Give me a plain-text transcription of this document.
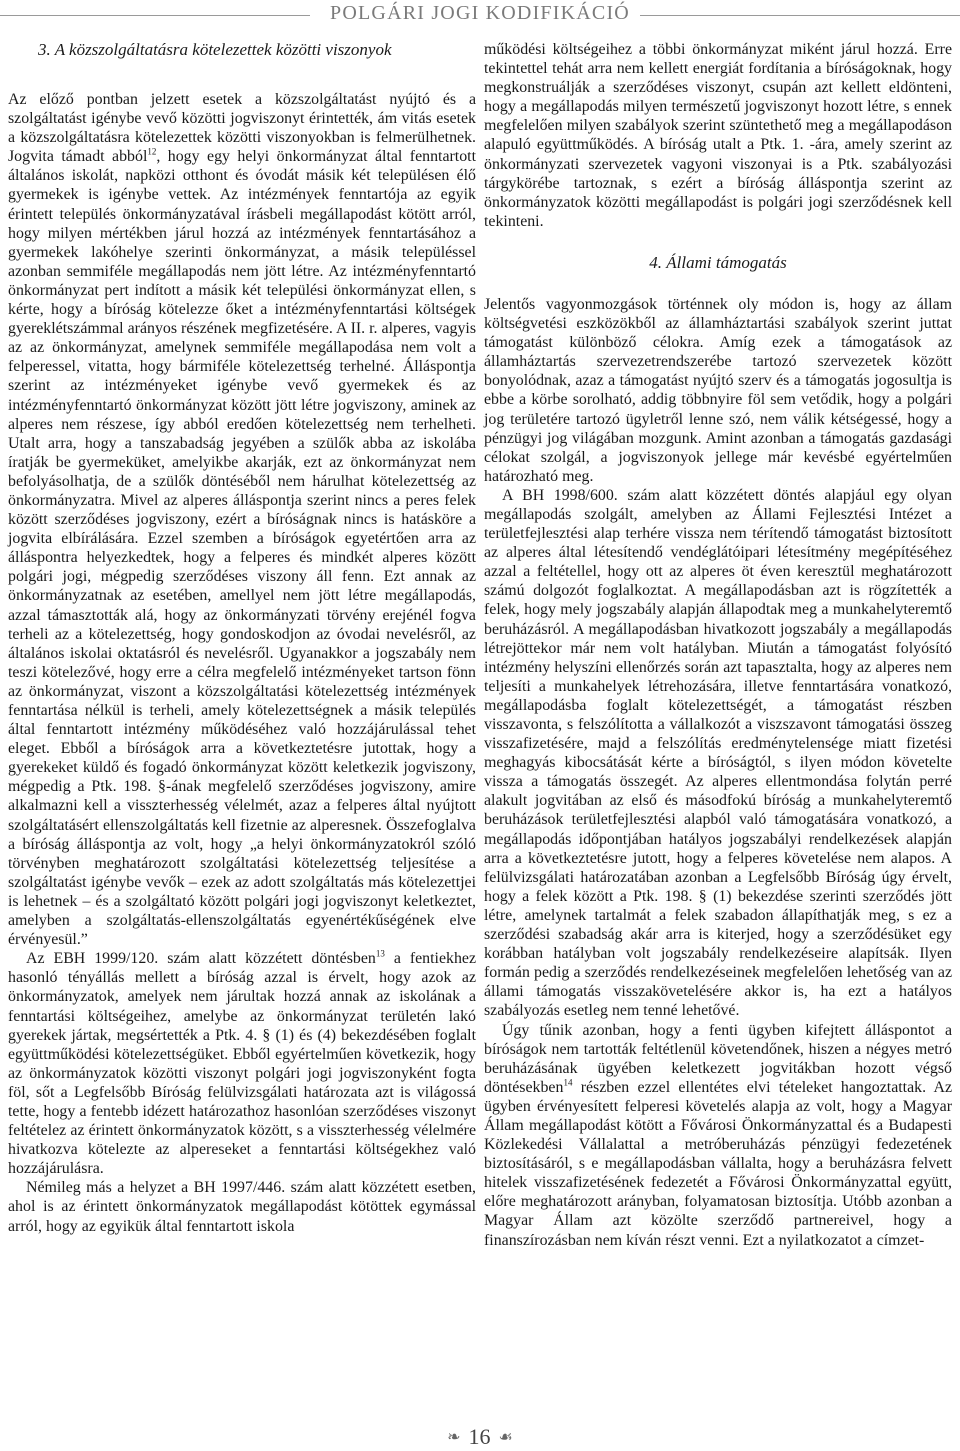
POLGÁRI JOGI KODIFIKÁCIÓ
3. A közszolgáltatásra kötelezettek közötti viszonyok

Az előző pontban jelzett esetek a közszolgáltatást nyújtó és a szolgáltatást igénybe vevő közötti jogviszonyt érintették, ám vitás esetek a közszolgáltatásra kötelezettek közötti viszonyokban is felmerülhetnek. Jogvita támadt abból$^{12}$, hogy egy helyi önkormányzat által fenntartott általános iskolát, napközi otthont és óvodát másik két településen élő gyermekek is igénybe vettek. Az intézmények fenntartója az egyik érintett település önkormányzatával írásbeli megállapodást kötött arról, hogy milyen mértékben járul hozzá az intézmények fenntartásához a gyermekek lakóhelye szerinti önkormányzat, a másik településsel azonban semmiféle megállapodás nem jött létre. Az intézményfenntartó önkormányzat pert indított a másik két települési önkormányzat ellen, s kérte, hogy a bíróság kötelezze őket a intézményfenntartási költségek gyereklétszámmal arányos részének megfizetésére. A II. r. alperes, vagyis az az önkormányzat, amelynek semmiféle megállapodása nem volt a felperessel, vitatta, hogy bármiféle kötelezettség terhelné. Álláspontja szerint az intézményeket igénybe vevő gyermekek és az intézményfenntartó önkormányzat között jött létre jogviszony, aminek az alperes nem részese, így abból eredően kötelezettség nem terhelheti. Utalt arra, hogy a tanszabadság jegyében a szülők abba az iskolába íratják be gyermeküket, amelyikbe akarják, ezt az önkormányzat nem befolyásolhatja, de a szülők döntéséből nem hárulhat kötelezettség az önkormányzatra. Mivel az alperes álláspontja szerint nincs a peres felek között szerződéses jogviszony, ezért a bíróságnak nincs is hatásköre a jogvita elbírálására. Ezzel szemben a bíróságok egyetértően arra az álláspontra helyezkedtek, hogy a felperes és mindkét alperes között polgári jogi, mégpedig szerződéses viszony áll fenn. Ezt annak az önkormányzatnak az esetében, amellyel nem jött létre megállapodás, azzal támasztották alá, hogy az önkormányzati törvény erejénél fogva terheli az a kötelezettség, hogy gondoskodjon az óvodai nevelésről, az általános iskolai oktatásról és nevelésről. Ugyanakkor a jogszabály nem teszi kötelezővé, hogy erre a célra megfelelő intézményeket tartson fönn az önkormányzat, viszont a közszolgáltatási kötelezettség intézmények fenntartása nélkül is terheli, amely kötelezettségnek a másik település által fenntartott intézmény működéséhez való hozzájárulással tehet eleget. Ebből a bíróságok arra a következtetésre jutottak, hogy a gyerekeket küldő és fogadó önkormányzat között keletkezik jogviszony, mégpedig a Ptk. 198. §-ának megfelelő szerződéses jogviszony, amire alkalmazni kell a visszterhesség vélelmét, azaz a felperes által nyújtott szolgáltatásért ellenszolgáltatás kell fizetnie az alperesnek. Összefoglalva a bíróság álláspontja az volt, hogy „a helyi önkormányzatokról szóló törvényben meghatározott szolgáltatási kötelezettség teljesítése a szolgáltatást igénybe vevők – ezek az adott szolgáltatás más kötelezettjei is lehetnek – és a szolgáltató között polgári jogi jogviszonyt keletkeztet, amelyben a szolgáltatás-ellenszolgáltatás egyenértékűségének elve érvényesül.”

Az EBH 1999/120. szám alatt közzétett döntésben$^{13}$ a fentiekhez hasonló tényállás mellett a bíróság azzal is érvelt, hogy azok az önkormányzatok, amelyek nem járultak hozzá annak az iskolának a fenntartási költségeihez, amelybe az önkormányzat területén lakó gyerekek jártak, megsértették a Ptk. 4. § (1) és (4) bekezdésében foglalt együttműködési kötelezettségüket. Ebből egyértelműen következik, hogy az önkormányzatok közötti viszonyt polgári jogi jogviszonyként fogta föl, sőt a Legfelsőbb Bíróság felülvizsgálati határozata azt is világossá tette, hogy a fentebb idézett határozathoz hasonlóan szerződéses viszonyt feltételez az érintett önkormányzatok között, s a visszterhesség vélelmére hivatkozva kötelezte az alpereseket a fenntartási költségekhez való hozzájárulásra.

Némileg más a helyzet a BH 1997/446. szám alatt közzétett esetben, ahol is az érintett önkormányzatok megállapodást kötöttek egymással arról, hogy az egyikük által fenntartott iskola

működési költségeihez a többi önkormányzat miként járul hozzá. Erre tekintettel tehát arra nem kellett energiát fordítania a bíróságoknak, hogy megkonstruálják a szerződéses viszonyt, csupán azt kellett eldönteni, hogy a megállapodás milyen természetű jogviszonyt hozott létre, s ennek megfelelően milyen szabályok szerint szüntethető meg a megállapodáson alapuló együttműködés. A bíróság utalt a Ptk. 1. -ára, amely szerint az önkormányzati szervezetek vagyoni viszonyai is a Ptk. szabályozási tárgykörébe tartoznak, s ezért a bíróság álláspontja szerint az önkormányzatok közötti megállapodást is polgári jogi szerződésnek kell tekinteni.

4. Állami támogatás

Jelentős vagyonmozgások történnek oly módon is, hogy az állam költségvetési eszközökből az államháztartási szabályok szerint juttat támogatást különböző célokra. Amíg ezek a támogatások az államháztartás szervezetrendszerébe tartozó szervezetek között bonyolódnak, azaz a támogatást nyújtó szerv és a támogatás jogosultja is ebbe a körbe sorolható, addig többnyire föl sem vetődik, hogy a polgári jog területére tartozó ügyletről lenne szó, nem válik kétségessé, hogy a pénzügyi jog világában mozgunk. Amint azonban a támogatás gazdasági célokat szolgál, a jogviszonyok jellege már kevésbé egyértelműen határozható meg.

A BH 1998/600. szám alatt közzétett döntés alapjául egy olyan megállapodás szolgált, amelyben az Állami Fejlesztési Intézet a területfejlesztési alap terhére vissza nem térítendő támogatást biztosított az alperes által létesítendő vendéglátóipari létesítmény megépítéséhez azzal a feltétellel, hogy ott az alperes öt éven keresztül meghatározott számú dolgozót foglalkoztat. A megállapodásban azt is rögzítették a felek, hogy mely jogszabály alapján állapodtak meg a munkahelyteremtő beruházásról. A megállapodásban hivatkozott jogszabály a megállapodás létrejöttekor már nem volt hatályban. Miután a támogatást folyósító intézmény helyszíni ellenőrzés során azt tapasztalta, hogy az alperes nem teljesíti a munkahelyek létrehozására, illetve fenntartására vonatkozó, megállapodásba foglalt kötelezettségét, a támogatást részben visszavonta, s felszólította a vállalkozót a viszszavont támogatási összeg visszafizetésére, majd a felszólítás eredménytelensége miatt fizetési meghagyás kibocsátását kérte a bíróságtól, s ilyen módon követelte vissza a támogatás összegét. Az alperes ellentmondása folytán perré alakult jogvitában az első és másodfokú bíróság a munkahelyteremtő beruházások területfejlesztési alapból való támogatására vonatkozó, a megállapodás időpontjában hatályos jogszabályi rendelkezések alapján arra a következtetésre jutott, hogy a felperes követelése nem alapos. A felülvizsgálati határozatában azonban a Legfelsőbb Bíróság úgy érvelt, hogy a felek között a Ptk. 198. § (1) bekezdése szerinti szerződés jött létre, amelynek tartalmát a felek szabadon állapíthatják meg, s ez a szerződési szabadság akár arra is kiterjed, hogy a szerződésüket egy korábban hatályban volt jogszabály rendelkezéseire alapítsák. Ilyen formán pedig a szerződés rendelkezéseinek megfelelően lehetőség van az állami támogatás visszakövetelésére akkor is, ha ezt a hatályos szabályozás esetleg nem tenné lehetővé.

Úgy tűnik azonban, hogy a fenti ügyben kifejtett álláspontot a bíróságok nem tartották feltétlenül követendőnek, hiszen a négyes metró beruházásának ügyében keletkezett jogvitákban hozott végső döntésekben$^{14}$ részben ezzel ellentétes elvi tételeket hangoztattak. Az ügyben érvényesített felperesi követelés alapja az volt, hogy a Magyar Állam megállapodást kötött a Fővárosi Önkormányzattal és a Budapesti Közlekedési Vállalattal a metróberuházás pénzügyi fedezetének biztosításáról, s e megállapodásban vállalta, hogy a beruházásra felvett hitelek visszafizetésének fedezetét a Fővárosi Önkormányzattal együtt, előre meghatározott arányban, folyamatosan biztosítja. Utóbb azonban a Magyar Állam azt közölte szerződő partnereivel, hogy a finanszírozásban nem kíván részt venni. Ezt a nyilatkozatot a címzet-

❧ 16 ☙
